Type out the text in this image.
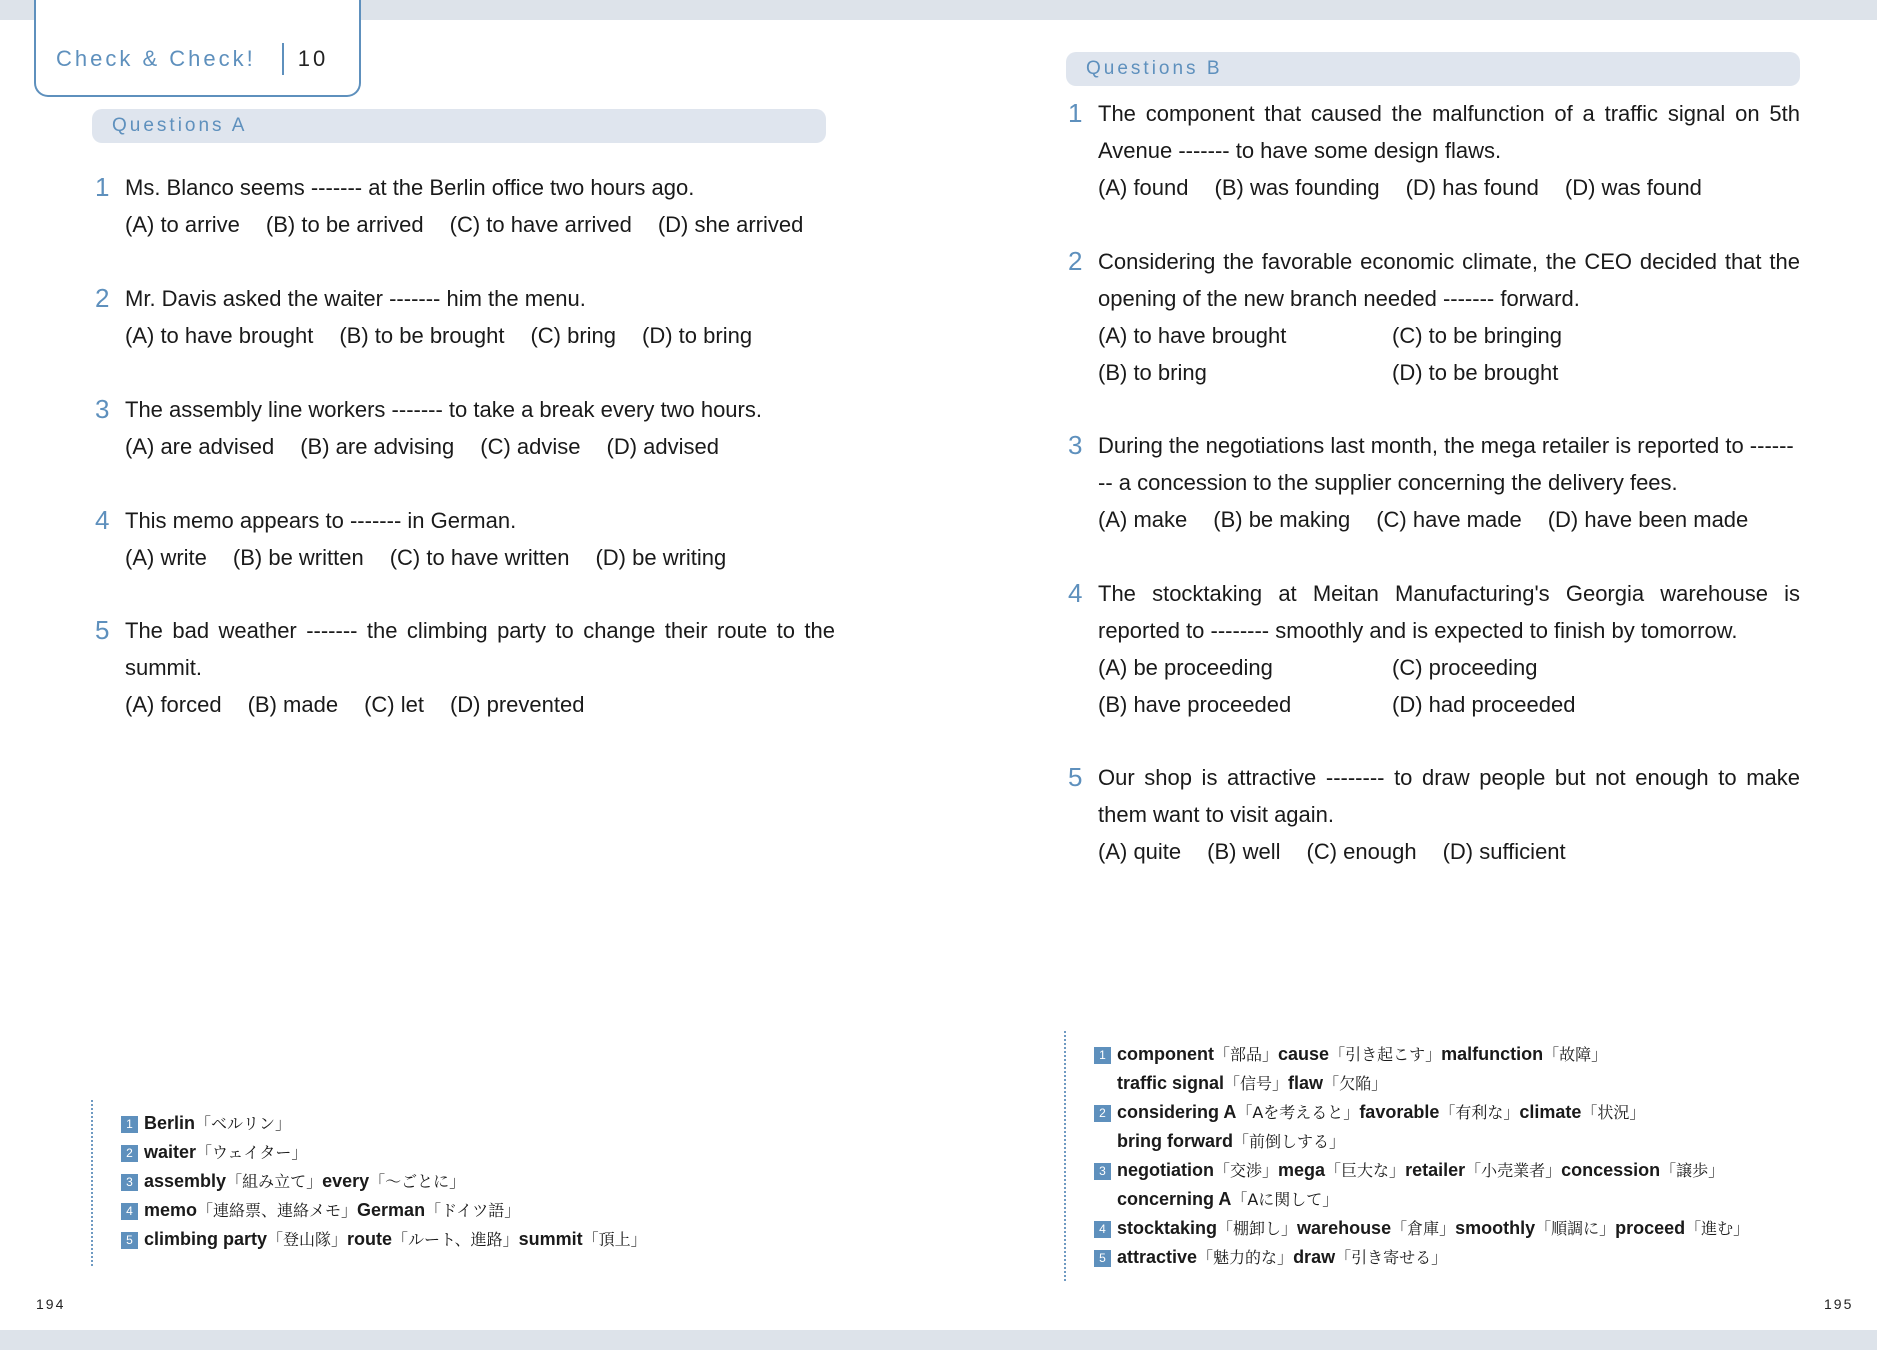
Check & Check! 10
Questions A
1 Ms. Blanco seems ------- at the Berlin office two hours ago.
(A) to arrive (B) to be arrived (C) to have arrived (D) she arrived
2 Mr. Davis asked the waiter ------- him the menu.
(A) to have brought (B) to be brought (C) bring (D) to bring
3 The assembly line workers ------- to take a break every two hours.
(A) are advised (B) are advising (C) advise (D) advised
4 This memo appears to ------- in German.
(A) write (B) be written (C) to have written (D) be writing
5 The bad weather ------- the climbing party to change their route to the summit.
(A) forced (B) made (C) let (D) prevented
1 Berlin「ベルリン」
2 waiter「ウェイター」
3 assembly「組み立て」every「～ごとに」
4 memo「連絡票、連絡メモ」German「ドイツ語」
5 climbing party「登山隊」route「ルート、進路」summit「頂上」
194
Questions B
1 The component that caused the malfunction of a traffic signal on 5th Avenue ------- to have some design flaws.
(A) found (B) was founding (D) has found (D) was found
2 Considering the favorable economic climate, the CEO decided that the opening of the new branch needed ------- forward.
(A) to have brought	(C) to be bringing
(B) to bring	(D) to be brought
3 During the negotiations last month, the mega retailer is reported to -------- a concession to the supplier concerning the delivery fees.
(A) make (B) be making (C) have made (D) have been made
4 The stocktaking at Meitan Manufacturing's Georgia warehouse is reported to -------- smoothly and is expected to finish by tomorrow.
(A) be proceeding	(C) proceeding
(B) have proceeded	(D) had proceeded
5 Our shop is attractive -------- to draw people but not enough to make them want to visit again.
(A) quite (B) well (C) enough (D) sufficient
1 component「部品」cause「引き起こす」malfunction「故障」
traffic signal「信号」flaw「欠陥」
2 considering A「Aを考えると」favorable「有利な」climate「状況」
bring forward「前倒しする」
3 negotiation「交渉」mega「巨大な」retailer「小売業者」concession「譲歩」
concerning A「Aに関して」
4 stocktaking「棚卸し」warehouse「倉庫」smoothly「順調に」proceed「進む」
5 attractive「魅力的な」draw「引き寄せる」
195
